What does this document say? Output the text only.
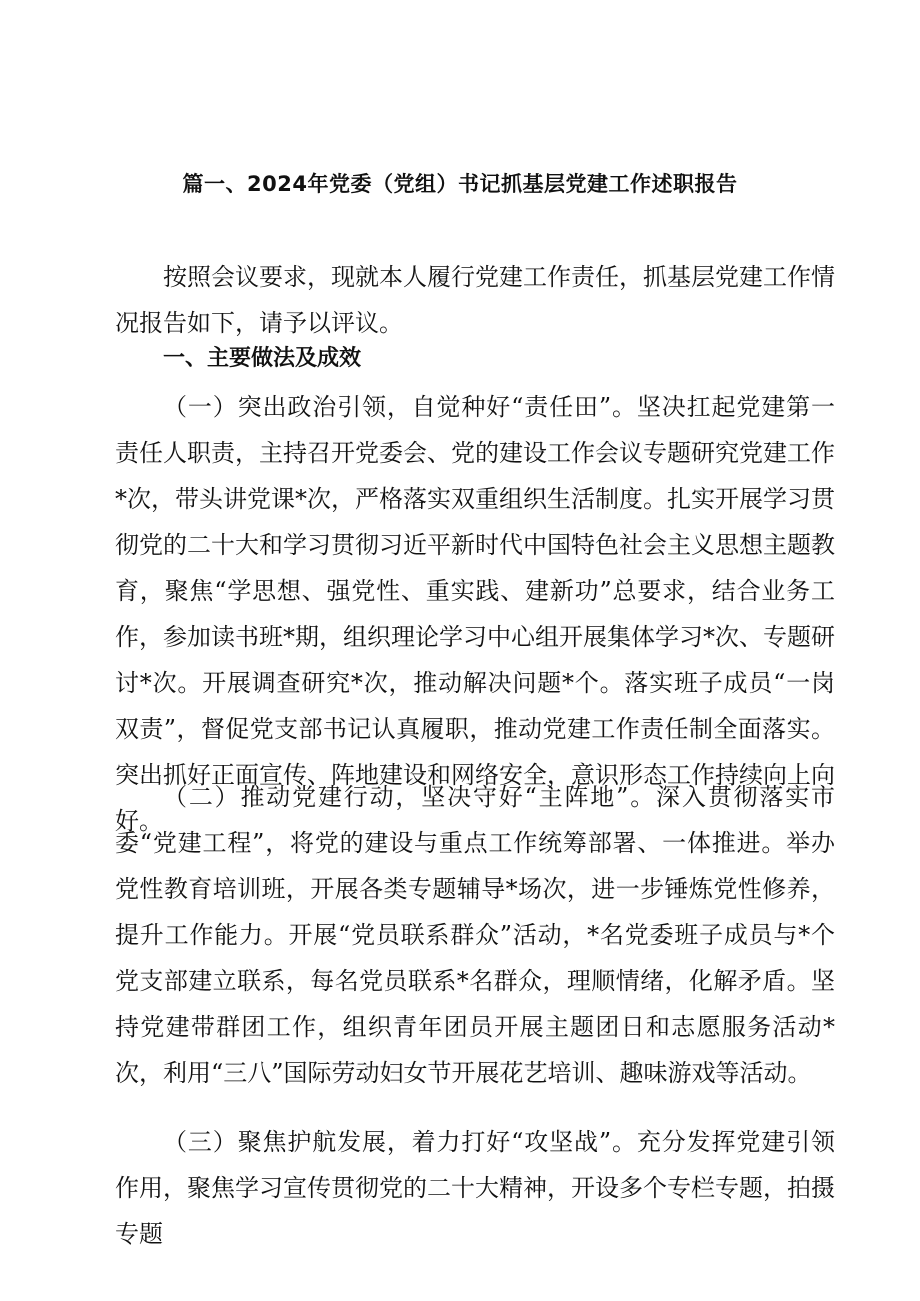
篇一、2024年党委（党组）书记抓基层党建工作述职报告

按照会议要求，现就本人履行党建工作责任，抓基层党建工作情况报告如下，请予以评议。

一、主要做法及成效

（一）突出政治引领，自觉种好“责任田”。坚决扛起党建第一责任人职责，主持召开党委会、党的建设工作会议专题研究党建工作*次，带头讲党课*次，严格落实双重组织生活制度。扎实开展学习贯彻党的二十大和学习贯彻习近平新时代中国特色社会主义思想主题教育，聚焦“学思想、强党性、重实践、建新功”总要求，结合业务工作，参加读书班*期，组织理论学习中心组开展集体学习*次、专题研讨*次。开展调查研究*次，推动解决问题*个。落实班子成员“一岗双责”，督促党支部书记认真履职，推动党建工作责任制全面落实。突出抓好正面宣传、阵地建设和网络安全，意识形态工作持续向上向好。

（二）推动党建行动，坚决守好“主阵地”。深入贯彻落实市委“党建工程”，将党的建设与重点工作统筹部署、一体推进。举办党性教育培训班，开展各类专题辅导*场次，进一步锤炼党性修养，提升工作能力。开展“党员联系群众”活动，*名党委班子成员与*个党支部建立联系，每名党员联系*名群众，理顺情绪，化解矛盾。坚持党建带群团工作，组织青年团员开展主题团日和志愿服务活动*次，利用“三八”国际劳动妇女节开展花艺培训、趣味游戏等活动。

（三）聚焦护航发展，着力打好“攻坚战”。充分发挥党建引领作用，聚焦学习宣传贯彻党的二十大精神，开设多个专栏专题，拍摄专题
